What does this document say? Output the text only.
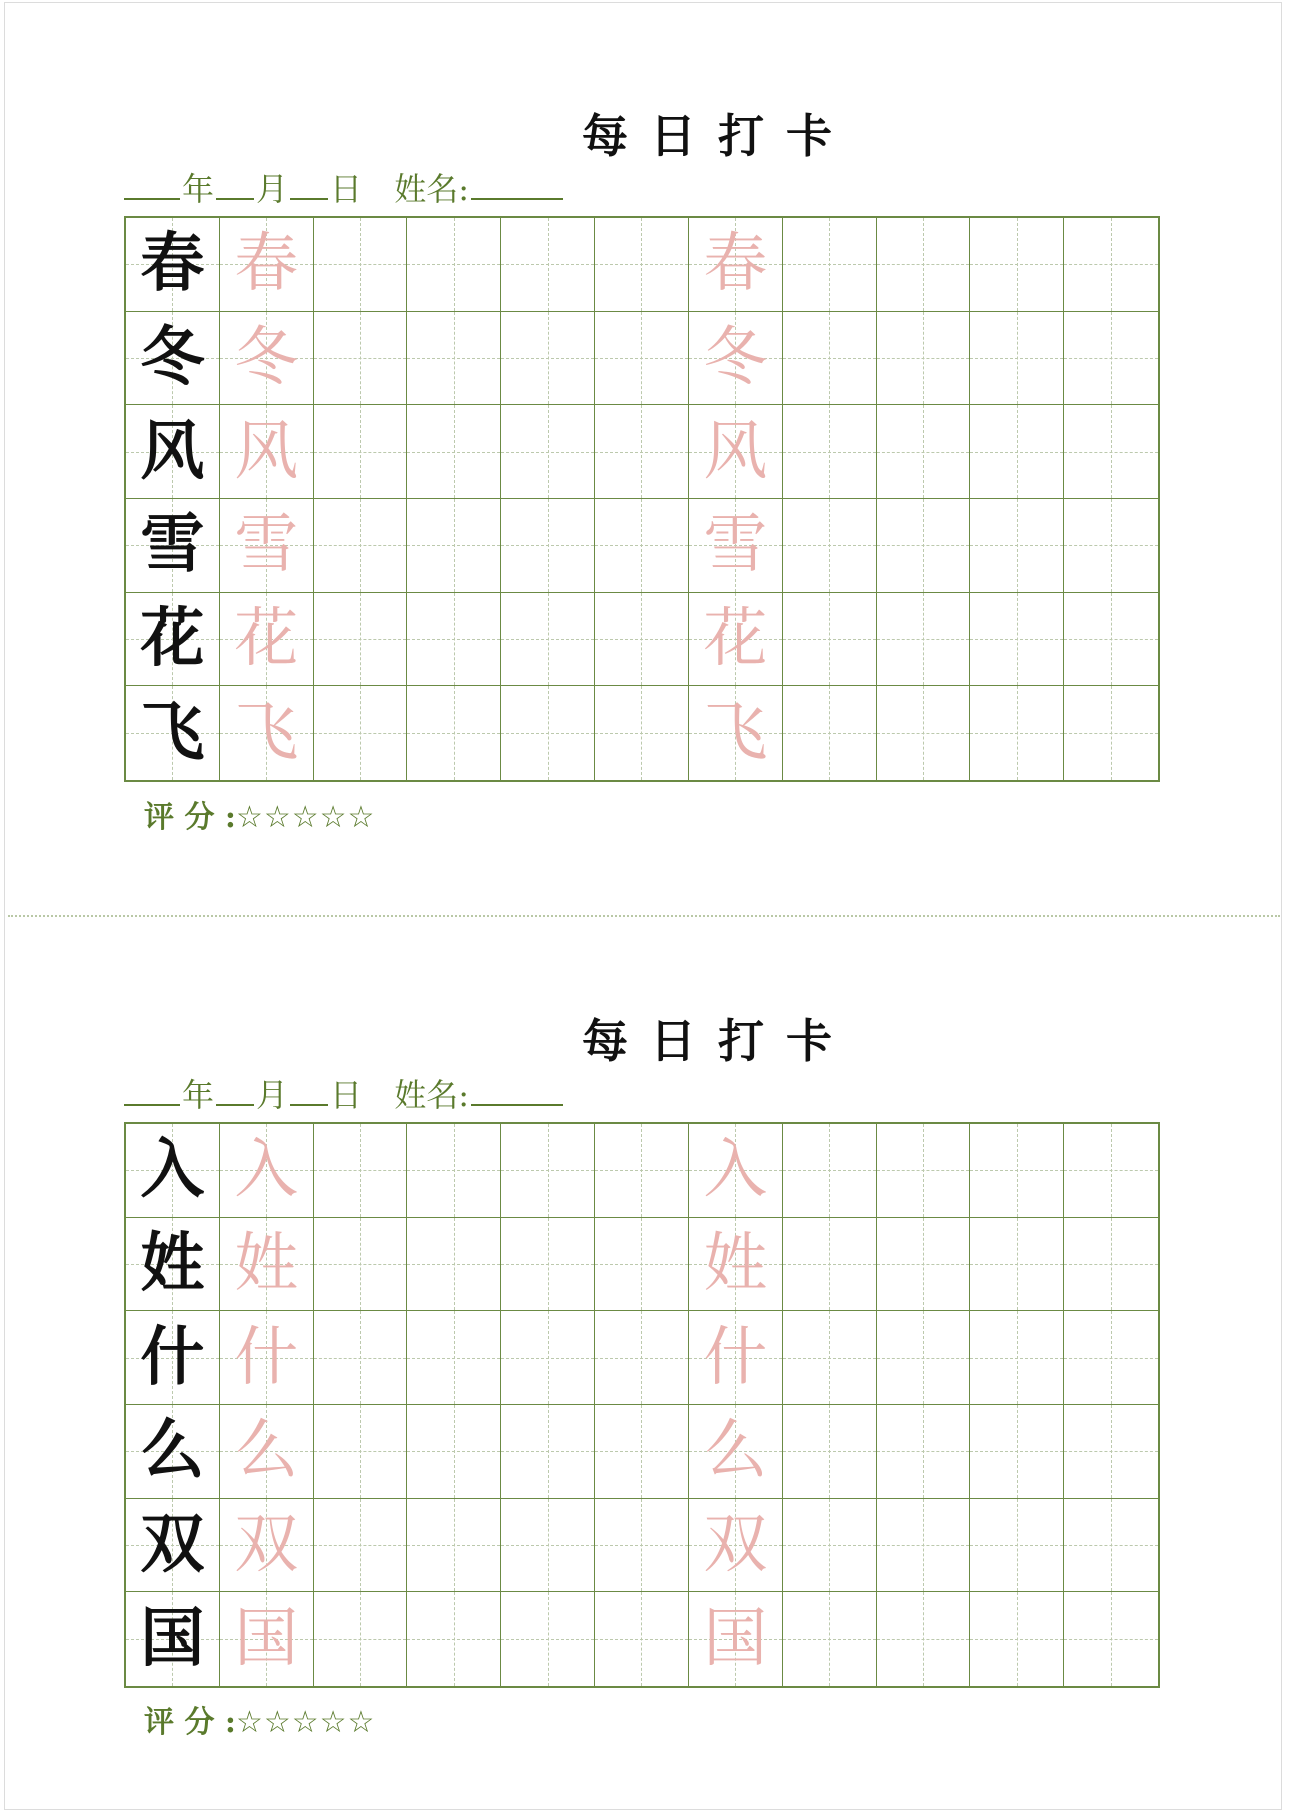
每日打卡
年 月 日 姓名:
春 春	春
冬 冬	冬
风 风	风
雪 雪	雪
花 花	花
飞 飞	飞
评 分 :☆☆☆☆☆
每日打卡
年 月 日 姓名:
入 入	入
姓 姓	姓
什 什	什
么 么	么
双 双	双
国 国	国
评 分 :☆☆☆☆☆
